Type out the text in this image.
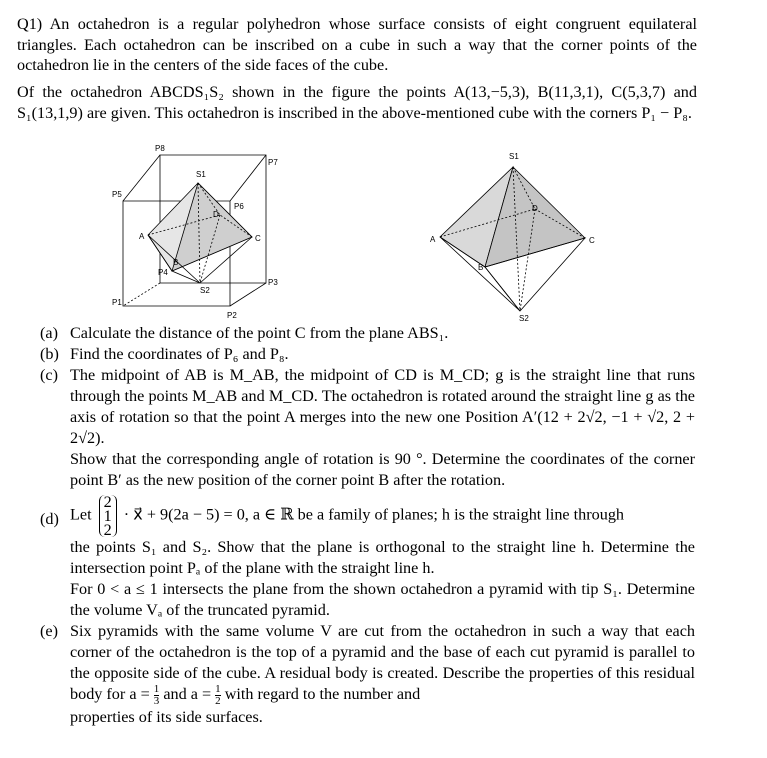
Q1) An octahedron is a regular polyhedron whose surface consists of eight congruent equilateral triangles. Each octahedron can be inscribed on a cube in such a way that the corner points of the octahedron lie in the centers of the side faces of the cube.

Of the octahedron ABCDS₁S₂ shown in the figure the points A(13,−5,3), B(11,3,1), C(5,3,7) and S₁(13,1,9) are given. This octahedron is inscribed in the above-mentioned cube with the corners P₁ − P₈.

P8
P7
S1
P5
P6
D
A	C
B
P4
P3
S2
P1
P2
S1
D
A	C
B
S2

(a) Calculate the distance of the point C from the plane ABS₁.

(b) Find the coordinates of P₆ and P₈.

(c) The midpoint of AB is M_AB, the midpoint of CD is M_CD; g is the straight line that runs through the points M_AB and M_CD. The octahedron is rotated around the straight line g as the axis of rotation so that the point A merges into the new one Position A′(12 + 2√2, −1 + √2, 2 + 2√2).
Show that the corresponding angle of rotation is 90 °. Determine the coordinates of the corner point B′ as the new position of the corner point B after the rotation.

(d) Let 2
1
2 · x⃗ + 9(2a − 5) = 0, a ∈ ℝ be a family of planes; h is the straight line through
the points S₁ and S₂. Show that the plane is orthogonal to the straight line h. Determine the intersection point Pₐ of the plane with the straight line h.
For 0 < a ≤ 1 intersects the plane from the shown octahedron a pyramid with tip S₁. Determine the volume Vₐ of the truncated pyramid.

(e) Six pyramids with the same volume V are cut from the octahedron in such a way that each corner of the octahedron is the top of a pyramid and the base of each cut pyramid is parallel to the opposite side of the cube. A residual body is created. Describe the properties of this residual body for $a = \frac{1}{3}$ and $a = \frac{1}{2}$ with regard to the number and
properties of its side surfaces.
